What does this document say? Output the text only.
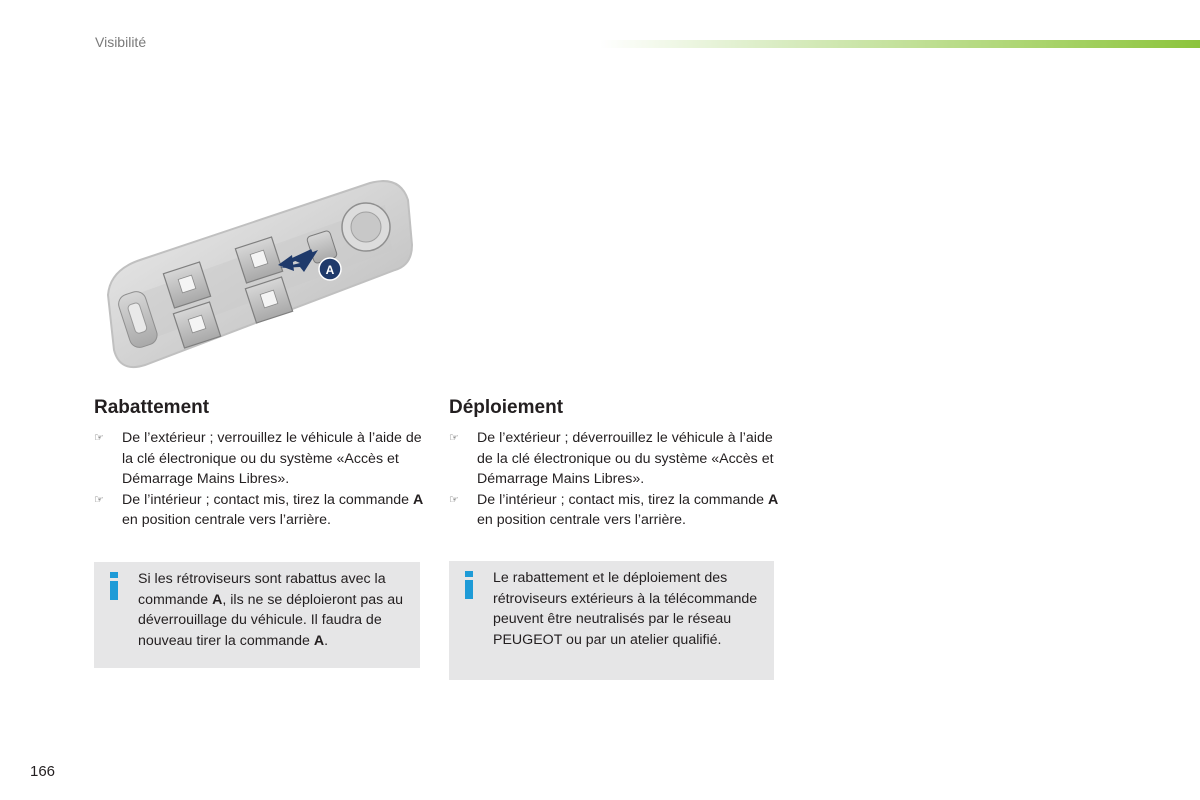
Visibilité
A
Rabattement
☞ De l’extérieur ; verrouillez le véhicule à l’aide de la clé électronique ou du système «Accès et Démarrage Mains Libres».
☞ De l’intérieur ; contact mis, tirez la commande A en position centrale vers l’arrière.
Si les rétroviseurs sont rabattus avec la commande A, ils ne se déploieront pas au déverrouillage du véhicule. Il faudra de nouveau tirer la commande A.
Déploiement
☞ De l’extérieur ; déverrouillez le véhicule à l’aide de la clé électronique ou du système «Accès et Démarrage Mains Libres».
☞ De l’intérieur ; contact mis, tirez la commande A en position centrale vers l’arrière.
Le rabattement et le déploiement des rétroviseurs extérieurs à la télécommande peuvent être neutralisés par le réseau PEUGEOT ou par un atelier qualifié.
166
